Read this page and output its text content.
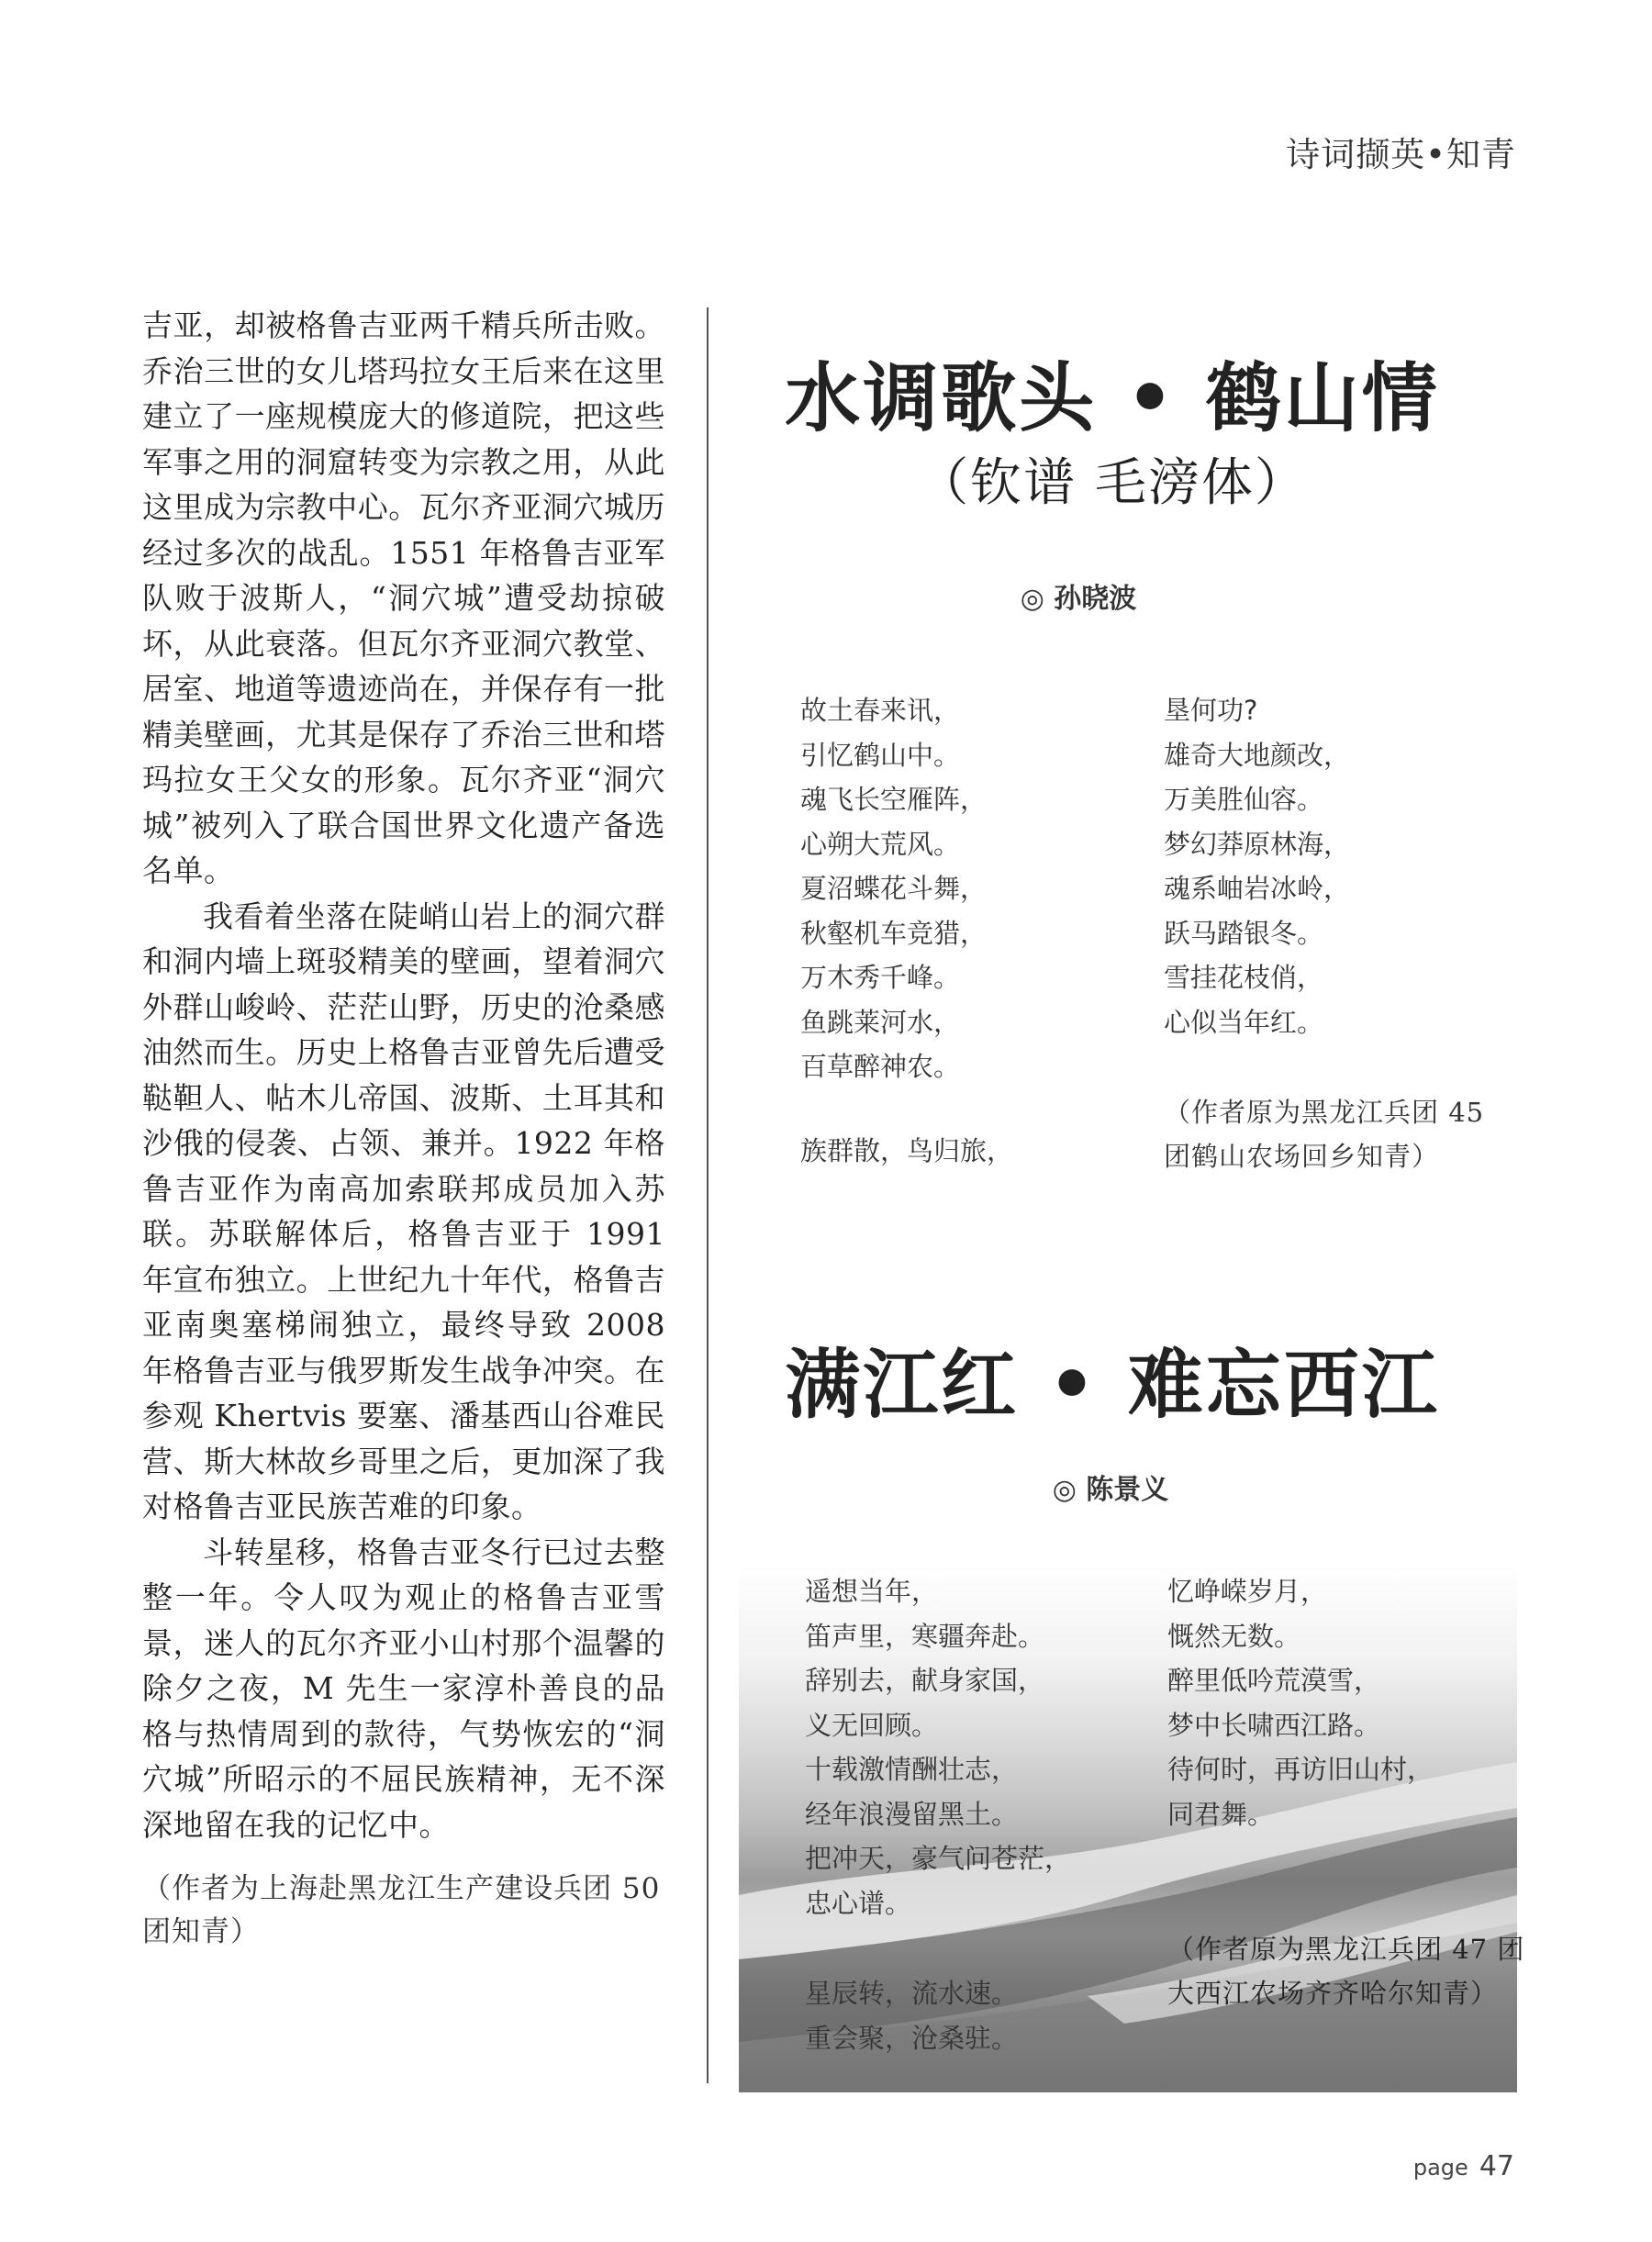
诗词撷英•知青

吉亚，却被格鲁吉亚两千精兵所击败。乔治三世的女儿塔玛拉女王后来在这里建立了一座规模庞大的修道院，把这些军事之用的洞窟转变为宗教之用，从此这里成为宗教中心。瓦尔齐亚洞穴城历经过多次的战乱。1551 年格鲁吉亚军队败于波斯人，“洞穴城”遭受劫掠破坏，从此衰落。但瓦尔齐亚洞穴教堂、居室、地道等遗迹尚在，并保存有一批精美壁画，尤其是保存了乔治三世和塔玛拉女王父女的形象。瓦尔齐亚“洞穴城”被列入了联合国世界文化遗产备选名单。

我看着坐落在陡峭山岩上的洞穴群和洞内墙上斑驳精美的壁画，望着洞穴外群山峻岭、茫茫山野，历史的沧桑感油然而生。历史上格鲁吉亚曾先后遭受鞑靼人、帖木儿帝国、波斯、土耳其和沙俄的侵袭、占领、兼并。1922 年格鲁吉亚作为南高加索联邦成员加入苏联。苏联解体后，格鲁吉亚于 1991 年宣布独立。上世纪九十年代，格鲁吉亚南奥塞梯闹独立，最终导致 2008 年格鲁吉亚与俄罗斯发生战争冲突。在参观 Khertvis 要塞、潘基西山谷难民营、斯大林故乡哥里之后，更加深了我对格鲁吉亚民族苦难的印象。

斗转星移，格鲁吉亚冬行已过去整整一年。令人叹为观止的格鲁吉亚雪景，迷人的瓦尔齐亚小山村那个温馨的除夕之夜，M 先生一家淳朴善良的品格与热情周到的款待，气势恢宏的“洞穴城”所昭示的不屈民族精神，无不深深地留在我的记忆中。

（作者为上海赴黑龙江生产建设兵团 50 团知青）
水调歌头 • 鹤山情
（钦谱 毛滂体）
◎ 孙晓波
故土春来讯，
引忆鹤山中。
魂飞长空雁阵，
心朔大荒风。
夏沼蝶花斗舞，
秋壑机车竞猎，
万木秀千峰。
鱼跳莱河水，
百草醉神农。
族群散，鸟归旅，
垦何功?
雄奇大地颜改，
万美胜仙容。
梦幻莽原林海，
魂系岫岩冰岭，
跃马踏银冬。
雪挂花枝俏，
心似当年红。
（作者原为黑龙江兵团 45 团鹤山农场回乡知青）
满江红 • 难忘西江
◎ 陈景义
遥想当年，
笛声里，寒疆奔赴。
辞别去，献身家国，
义无回顾。
十载激情酬壮志，
经年浪漫留黑土。
把冲天，豪气问苍茫，
忠心谱。
星辰转，流水速。
重会聚，沧桑驻。
忆峥嵘岁月，
慨然无数。
醉里低吟荒漠雪，
梦中长啸西江路。
待何时，再访旧山村，
同君舞。
（作者原为黑龙江兵团 47 团大西江农场齐齐哈尔知青）
page 47
